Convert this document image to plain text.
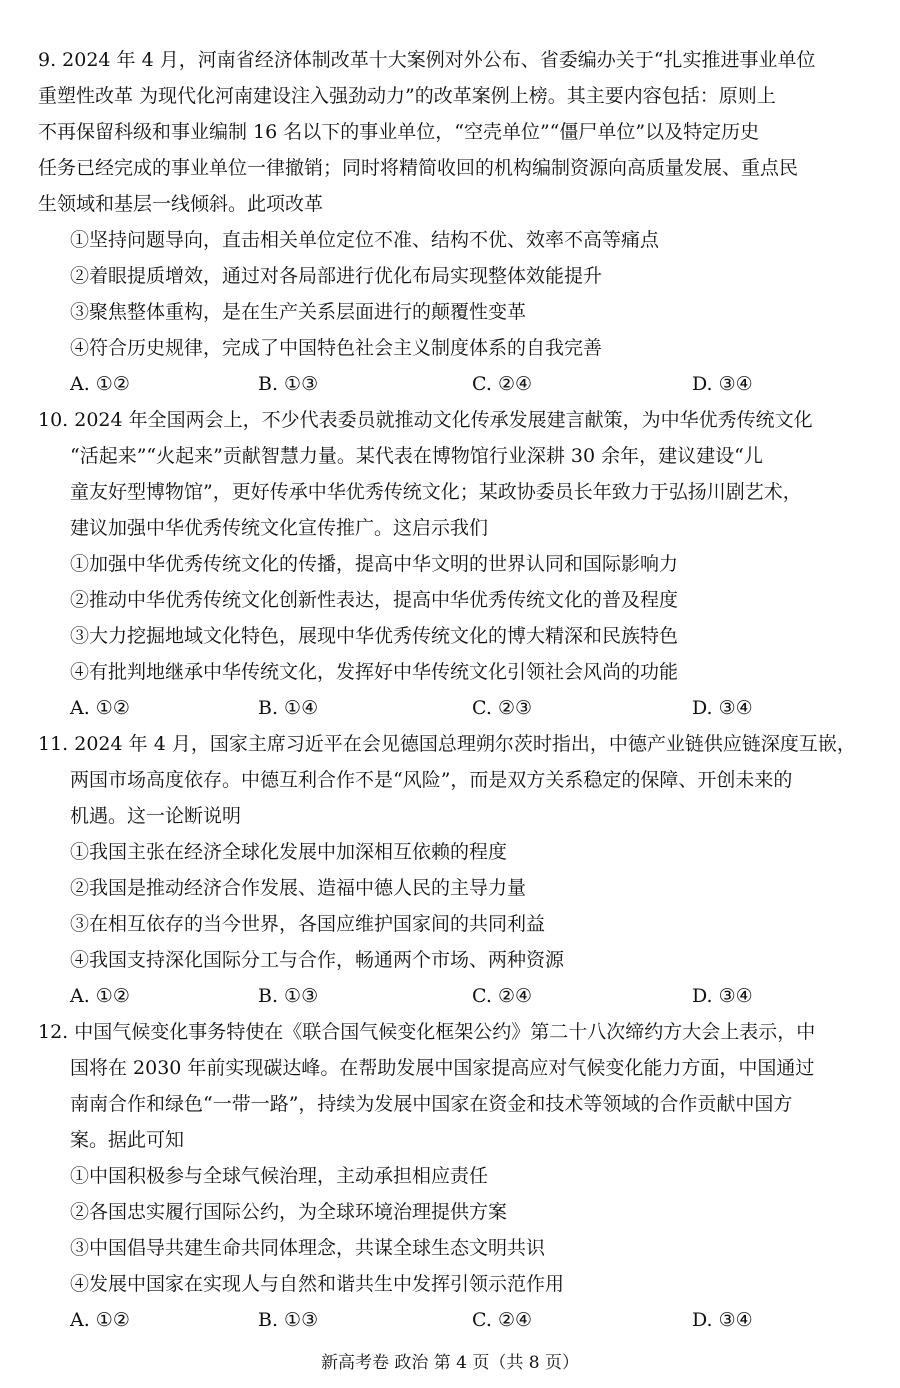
9. 2024 年 4 月，河南省经济体制改革十大案例对外公布、省委编办关于“扎实推进事业单位
重塑性改革 为现代化河南建设注入强劲动力”的改革案例上榜。其主要内容包括：原则上
不再保留科级和事业编制 16 名以下的事业单位，“空壳单位”“僵尸单位”以及特定历史
任务已经完成的事业单位一律撤销；同时将精简收回的机构编制资源向高质量发展、重点民
生领域和基层一线倾斜。此项改革
①坚持问题导向，直击相关单位定位不准、结构不优、效率不高等痛点
②着眼提质增效，通过对各局部进行优化布局实现整体效能提升
③聚焦整体重构，是在生产关系层面进行的颠覆性变革
④符合历史规律，完成了中国特色社会主义制度体系的自我完善
A. ①②	B. ①③	C. ②④	D. ③④
10. 2024 年全国两会上，不少代表委员就推动文化传承发展建言献策，为中华优秀传统文化
“活起来”“火起来”贡献智慧力量。某代表在博物馆行业深耕 30 余年，建议建设“儿
童友好型博物馆”，更好传承中华优秀传统文化；某政协委员长年致力于弘扬川剧艺术，
建议加强中华优秀传统文化宣传推广。这启示我们
①加强中华优秀传统文化的传播，提高中华文明的世界认同和国际影响力
②推动中华优秀传统文化创新性表达，提高中华优秀传统文化的普及程度
③大力挖掘地域文化特色，展现中华优秀传统文化的博大精深和民族特色
④有批判地继承中华传统文化，发挥好中华传统文化引领社会风尚的功能
A. ①②	B. ①④	C. ②③	D. ③④
11. 2024 年 4 月，国家主席习近平在会见德国总理朔尔茨时指出，中德产业链供应链深度互嵌，
两国市场高度依存。中德互利合作不是“风险”，而是双方关系稳定的保障、开创未来的
机遇。这一论断说明
①我国主张在经济全球化发展中加深相互依赖的程度
②我国是推动经济合作发展、造福中德人民的主导力量
③在相互依存的当今世界，各国应维护国家间的共同利益
④我国支持深化国际分工与合作，畅通两个市场、两种资源
A. ①②	B. ①③	C. ②④	D. ③④
12. 中国气候变化事务特使在《联合国气候变化框架公约》第二十八次缔约方大会上表示，中
国将在 2030 年前实现碳达峰。在帮助发展中国家提高应对气候变化能力方面，中国通过
南南合作和绿色“一带一路”，持续为发展中国家在资金和技术等领域的合作贡献中国方
案。据此可知
①中国积极参与全球气候治理，主动承担相应责任
②各国忠实履行国际公约，为全球环境治理提供方案
③中国倡导共建生命共同体理念，共谋全球生态文明共识
④发展中国家在实现人与自然和谐共生中发挥引领示范作用
A. ①②	B. ①③	C. ②④	D. ③④
新高考卷 政治 第 4 页（共 8 页）
